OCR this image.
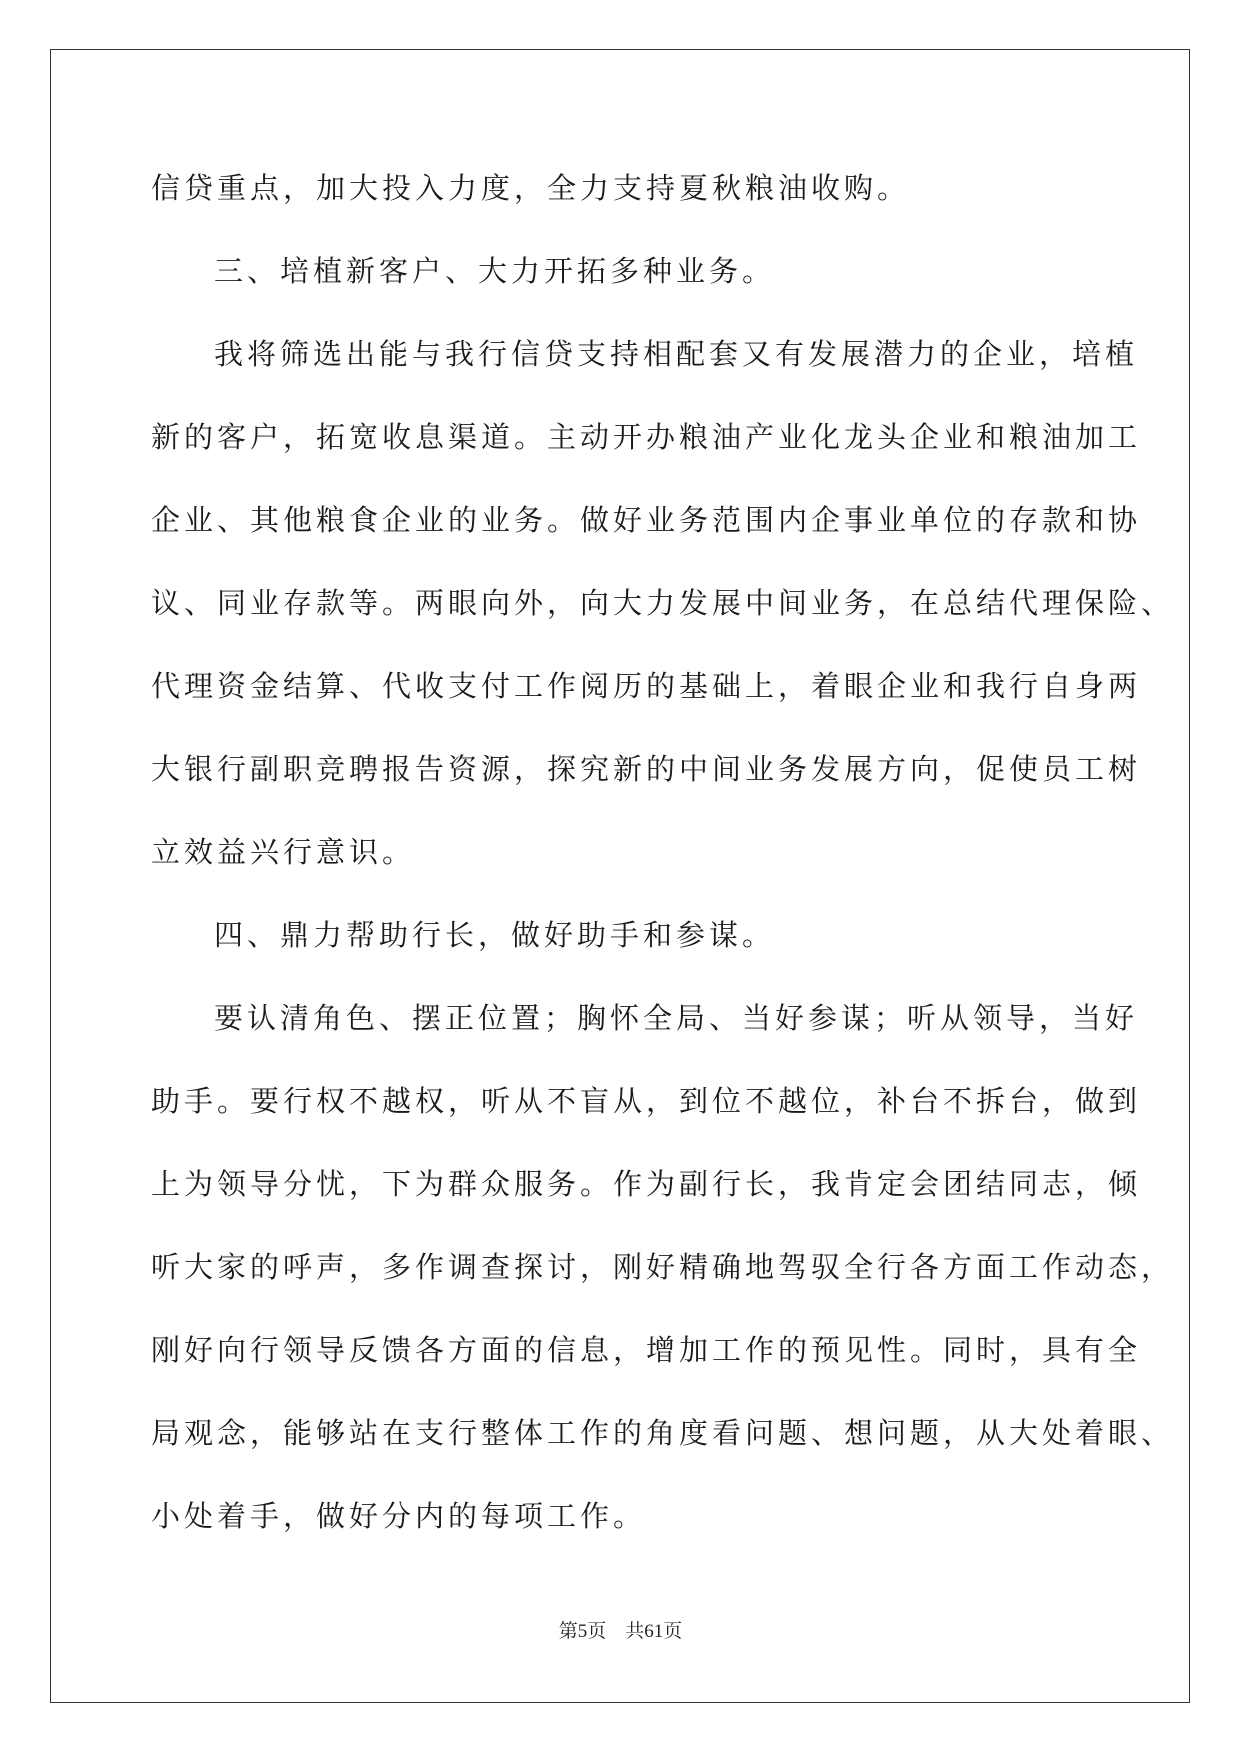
信贷重点，加大投入力度，全力支持夏秋粮油收购。
三、培植新客户、大力开拓多种业务。
我将筛选出能与我行信贷支持相配套又有发展潜力的企业，培植
新的客户，拓宽收息渠道。主动开办粮油产业化龙头企业和粮油加工
企业、其他粮食企业的业务。做好业务范围内企事业单位的存款和协
议、同业存款等。两眼向外，向大力发展中间业务，在总结代理保险、
代理资金结算、代收支付工作阅历的基础上，着眼企业和我行自身两
大银行副职竞聘报告资源，探究新的中间业务发展方向，促使员工树
立效益兴行意识。
四、鼎力帮助行长，做好助手和参谋。
要认清角色、摆正位置；胸怀全局、当好参谋；听从领导，当好
助手。要行权不越权，听从不盲从，到位不越位，补台不拆台，做到
上为领导分忧，下为群众服务。作为副行长，我肯定会团结同志，倾
听大家的呼声，多作调查探讨，刚好精确地驾驭全行各方面工作动态，
刚好向行领导反馈各方面的信息，增加工作的预见性。同时，具有全
局观念，能够站在支行整体工作的角度看问题、想问题，从大处着眼、
小处着手，做好分内的每项工作。
第5页 共61页
